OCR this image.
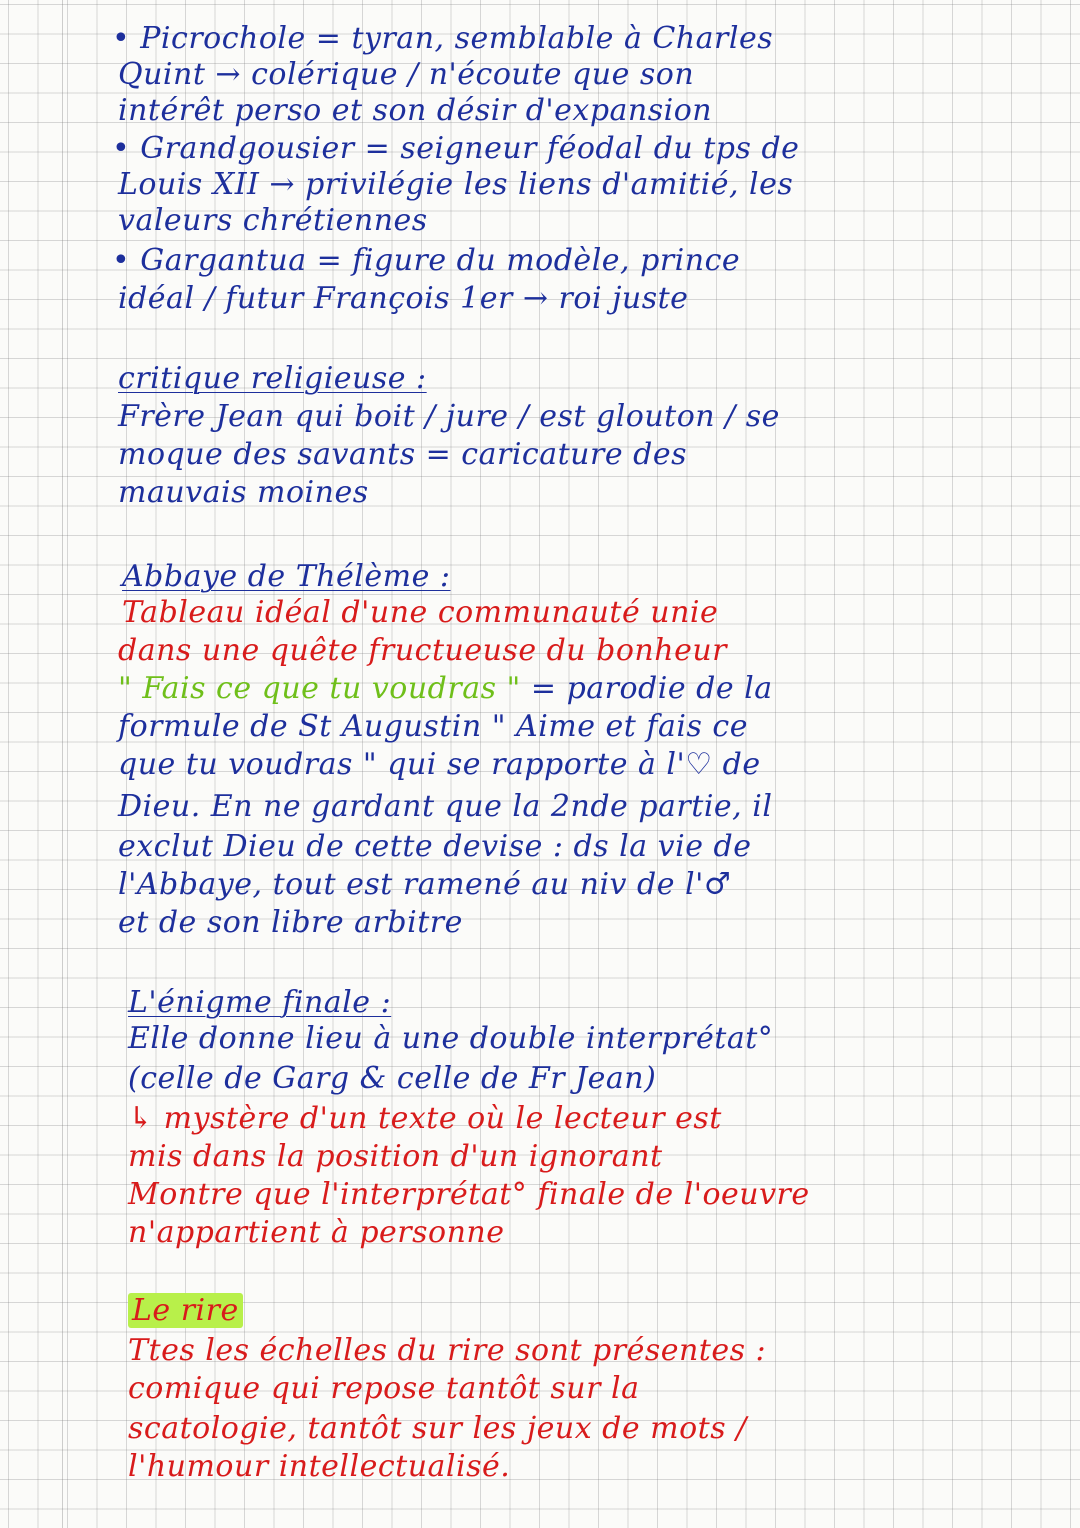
• Picrochole = tyran, semblable à Charles
Quint → colérique / n'écoute que son
intérêt perso et son désir d'expansion
• Grandgousier = seigneur féodal du tps de
Louis XII → privilégie les liens d'amitié, les
valeurs chrétiennes
• Gargantua = figure du modèle, prince
idéal / futur François 1er → roi juste
critique religieuse :
Frère Jean qui boit / jure / est glouton / se
moque des savants = caricature des
mauvais moines
Abbaye de Thélème :
Tableau idéal d'une communauté unie
dans une quête fructueuse du bonheur
" Fais ce que tu voudras " = parodie de la
formule de St Augustin " Aime et fais ce
que tu voudras " qui se rapporte à l'♡ de
Dieu. En ne gardant que la 2nde partie, il
exclut Dieu de cette devise : ds la vie de
l'Abbaye, tout est ramené au niv de l'♂
et de son libre arbitre
L'énigme finale :
Elle donne lieu à une double interprétat°
(celle de Garg & celle de Fr Jean)
↳ mystère d'un texte où le lecteur est
mis dans la position d'un ignorant
Montre que l'interprétat° finale de l'oeuvre
n'appartient à personne
Le rire
Ttes les échelles du rire sont présentes :
comique qui repose tantôt sur la
scatologie, tantôt sur les jeux de mots /
l'humour intellectualisé.
